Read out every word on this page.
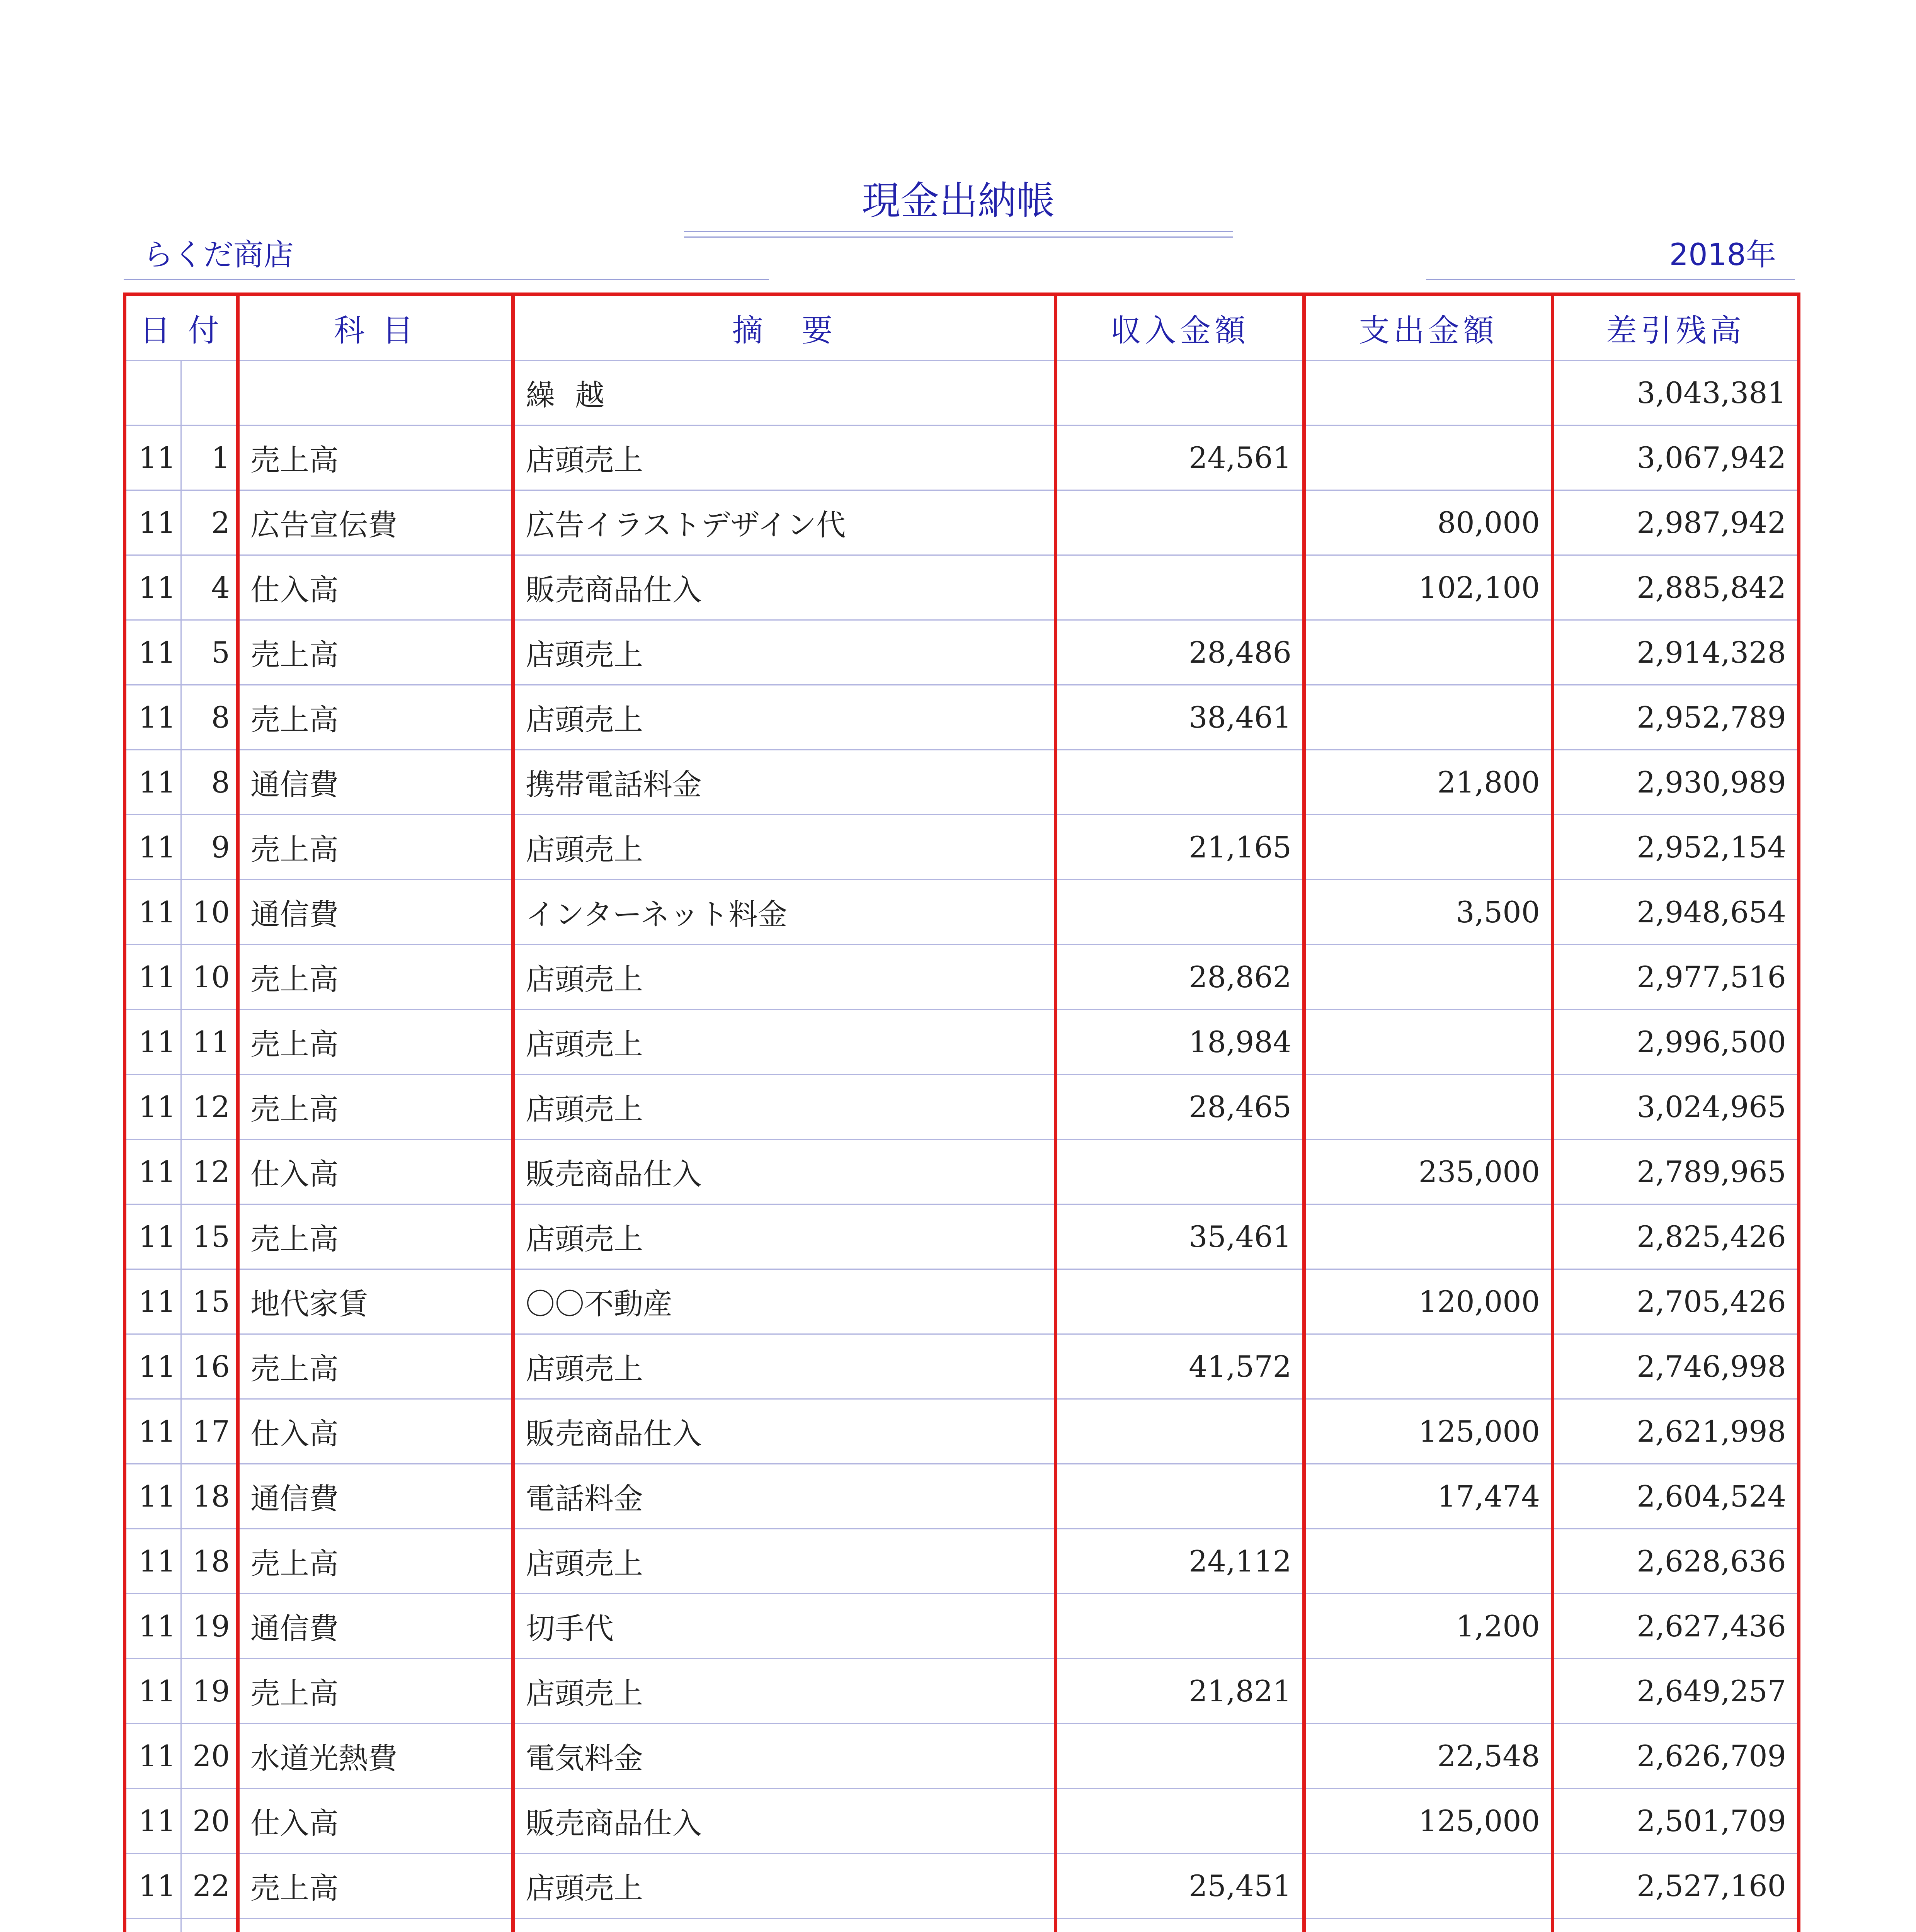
現金出納帳
らくだ商店	2018年
日 付		科 目	摘　要	収入金額	支出金額	差引残高
			繰 越			3,043,381
11	1	売上高	店頭売上	24,561		3,067,942
11	2	広告宣伝費	広告イラストデザイン代		80,000	2,987,942
11	4	仕入高	販売商品仕入		102,100	2,885,842
11	5	売上高	店頭売上	28,486		2,914,328
11	8	売上高	店頭売上	38,461		2,952,789
11	8	通信費	携帯電話料金		21,800	2,930,989
11	9	売上高	店頭売上	21,165		2,952,154
11	10	通信費	インターネット料金		3,500	2,948,654
11	10	売上高	店頭売上	28,862		2,977,516
11	11	売上高	店頭売上	18,984		2,996,500
11	12	売上高	店頭売上	28,465		3,024,965
11	12	仕入高	販売商品仕入		235,000	2,789,965
11	15	売上高	店頭売上	35,461		2,825,426
11	15	地代家賃	〇〇不動産		120,000	2,705,426
11	16	売上高	店頭売上	41,572		2,746,998
11	17	仕入高	販売商品仕入		125,000	2,621,998
11	18	通信費	電話料金		17,474	2,604,524
11	18	売上高	店頭売上	24,112		2,628,636
11	19	通信費	切手代		1,200	2,627,436
11	19	売上高	店頭売上	21,821		2,649,257
11	20	水道光熱費	電気料金		22,548	2,626,709
11	20	仕入高	販売商品仕入		125,000	2,501,709
11	22	売上高	店頭売上	25,451		2,527,160
